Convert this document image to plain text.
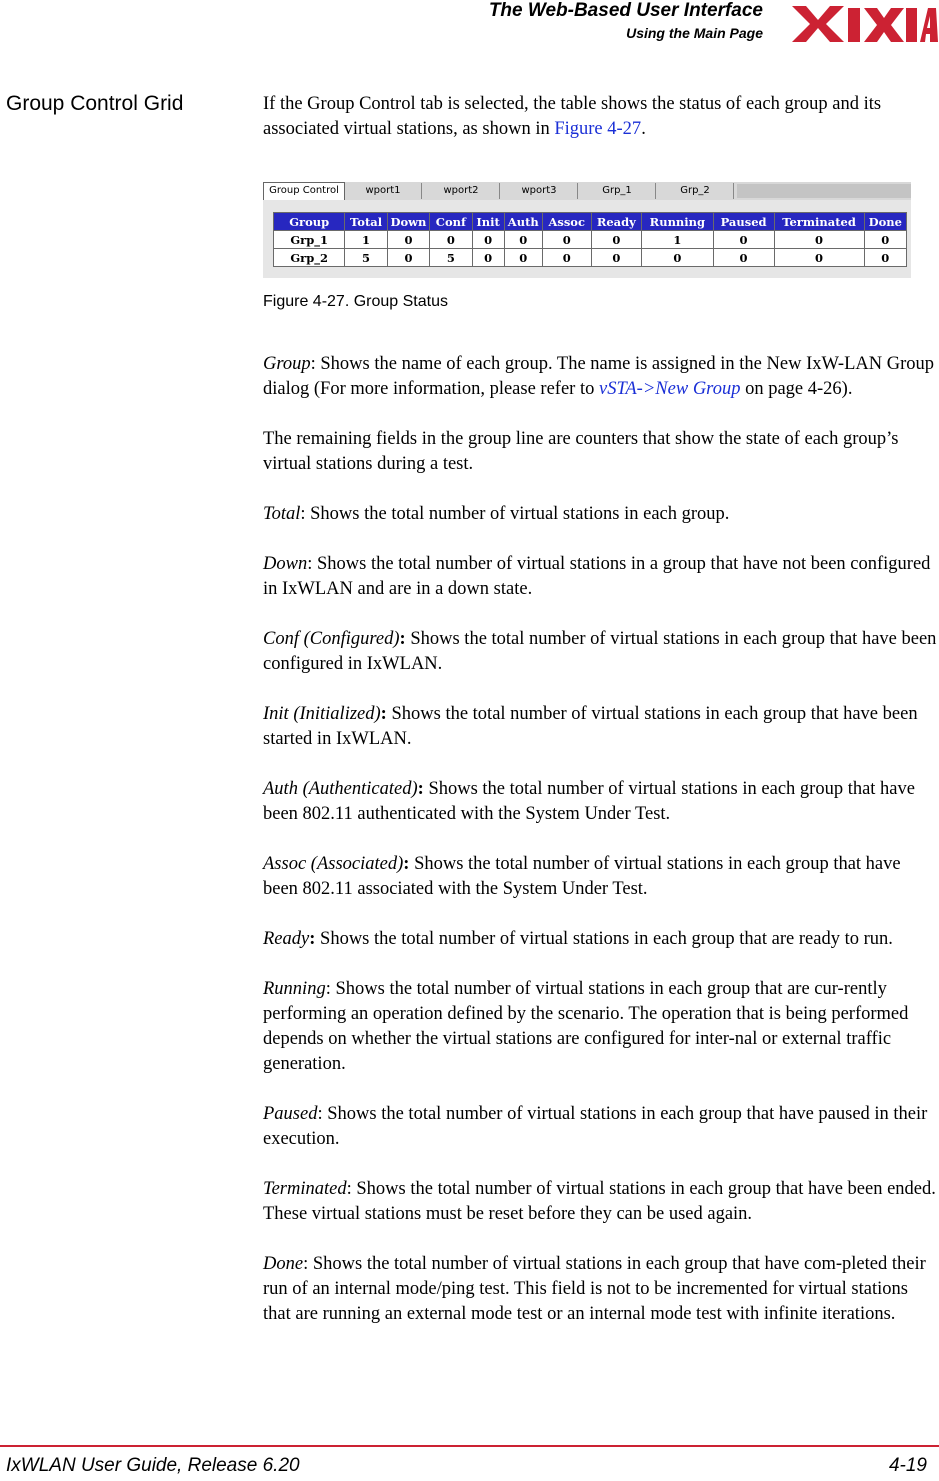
The Web-Based User Interface
Using the Main Page
Group Control Grid	If the Group Control tab is selected, the table shows the status of each group and its associated virtual stations, as shown in Figure 4-27.

Group Control	wport1	wport2	wport3	Grp_1	Grp_2
Group	Total	Down	Conf	Init	Auth	Assoc	Ready	Running	Paused	Terminated	Done
Grp_1	1	0	0	0	0	0	0	1	0	0	0
Grp_2	5	0	5	0	0	0	0	0	0	0	0
Figure 4-27. Group Status

Group: Shows the name of each group. The name is assigned in the New IxW-LAN Group dialog (For more information, please refer to vSTA->New Group on page 4-26).

The remaining fields in the group line are counters that show the state of each group’s virtual stations during a test.

Total: Shows the total number of virtual stations in each group.

Down: Shows the total number of virtual stations in a group that have not been configured in IxWLAN and are in a down state.

Conf (Configured): Shows the total number of virtual stations in each group that have been configured in IxWLAN.

Init (Initialized): Shows the total number of virtual stations in each group that have been started in IxWLAN.

Auth (Authenticated): Shows the total number of virtual stations in each group that have been 802.11 authenticated with the System Under Test.

Assoc (Associated): Shows the total number of virtual stations in each group that have been 802.11 associated with the System Under Test.

Ready: Shows the total number of virtual stations in each group that are ready to run.

Running: Shows the total number of virtual stations in each group that are cur-rently performing an operation defined by the scenario. The operation that is being performed depends on whether the virtual stations are configured for inter-nal or external traffic generation.

Paused: Shows the total number of virtual stations in each group that have paused in their execution.

Terminated: Shows the total number of virtual stations in each group that have been ended. These virtual stations must be reset before they can be used again.

Done: Shows the total number of virtual stations in each group that have com-pleted their run of an internal mode/ping test. This field is not to be incremented for virtual stations that are running an external mode test or an internal mode test with infinite iterations.

IxWLAN User Guide, Release 6.20	4-19
